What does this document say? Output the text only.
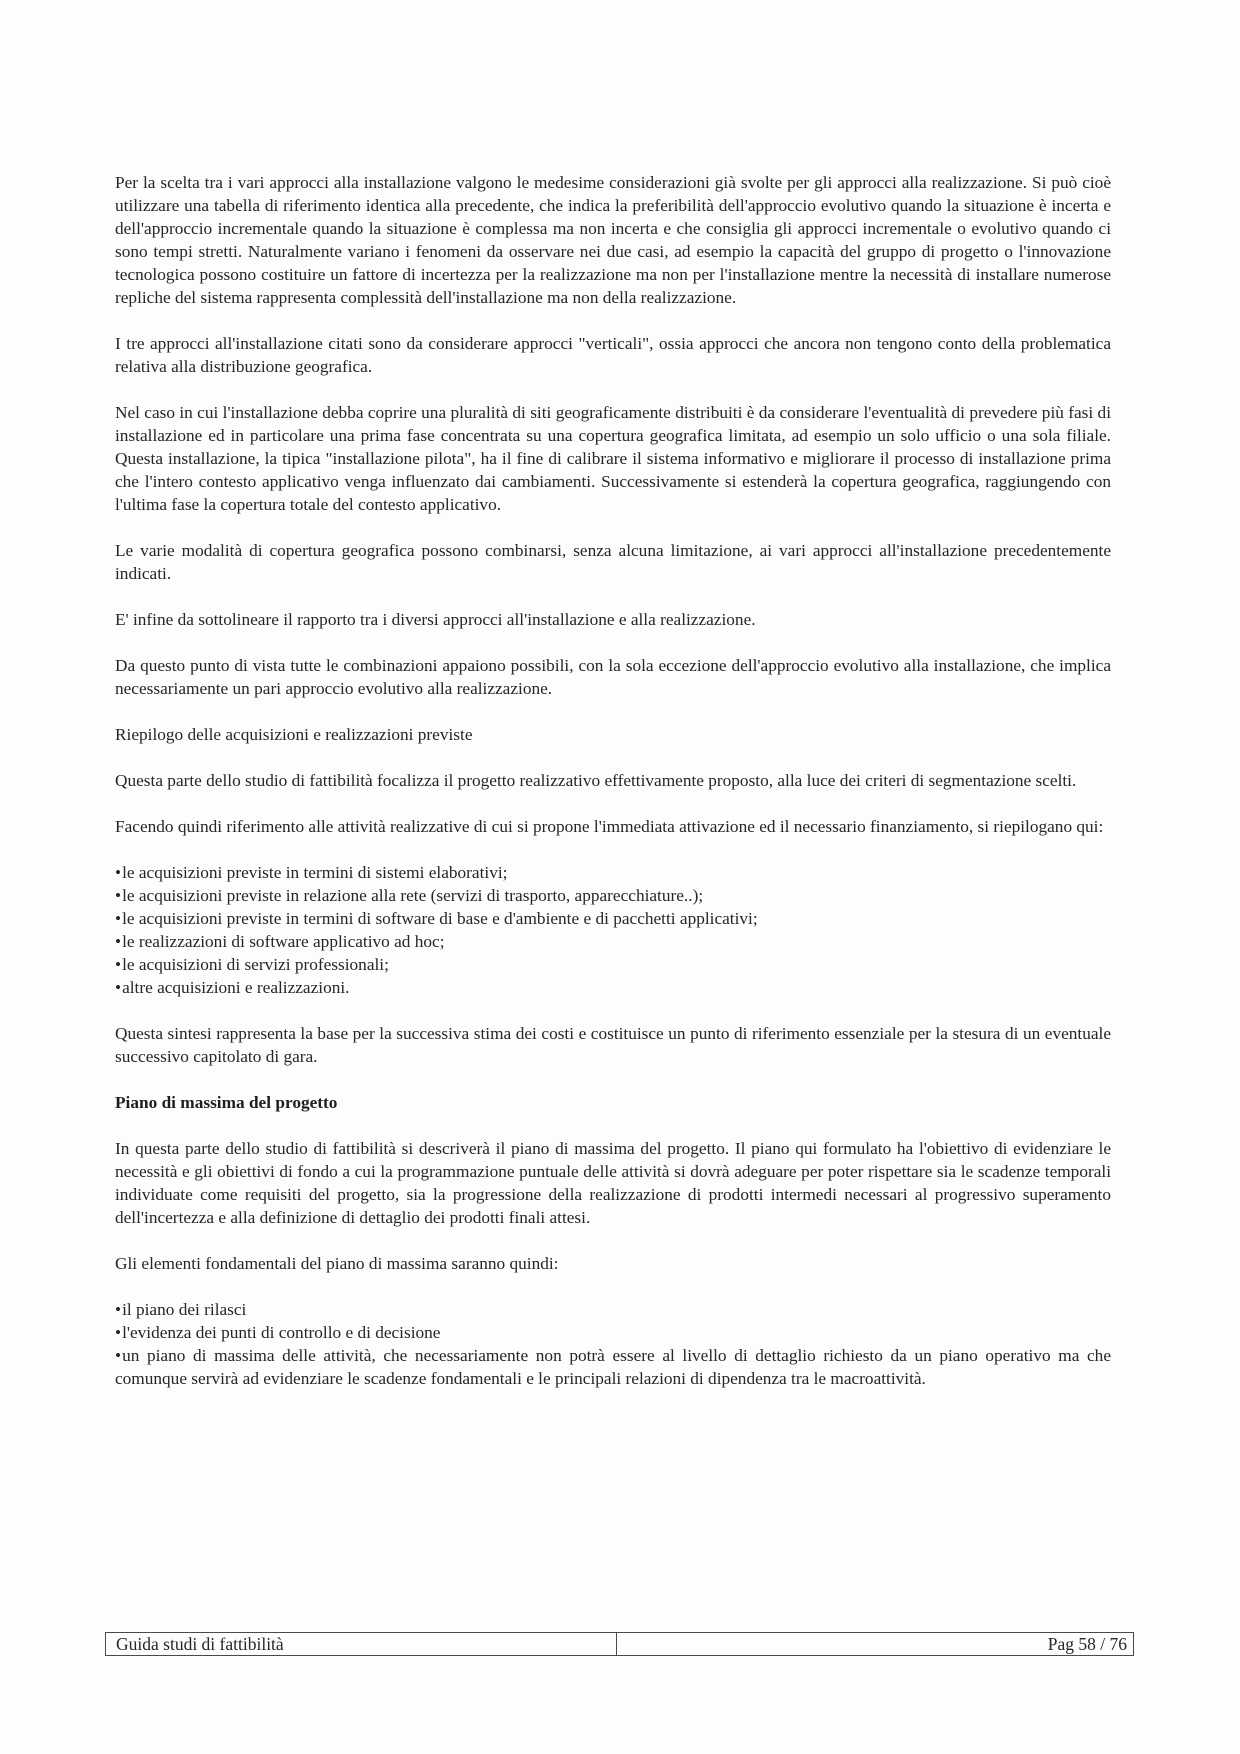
Per la scelta tra i vari approcci alla installazione valgono le medesime considerazioni già svolte per gli approcci alla realizzazione. Si può cioè utilizzare una tabella di riferimento identica alla precedente, che indica la preferibilità dell'approccio evolutivo quando la situazione è incerta e dell'approccio incrementale quando la situazione è complessa ma non incerta e che consiglia gli approcci incrementale o evolutivo quando ci sono tempi stretti. Naturalmente variano i fenomeni da osservare nei due casi, ad esempio la capacità del gruppo di progetto o l'innovazione tecnologica possono costituire un fattore di incertezza per la realizzazione ma non per l'installazione mentre la necessità di installare numerose repliche del sistema rappresenta complessità dell'installazione ma non della realizzazione.

I tre approcci all'installazione citati sono da considerare approcci "verticali", ossia approcci che ancora non tengono conto della problematica relativa alla distribuzione geografica.

Nel caso in cui l'installazione debba coprire una pluralità di siti geograficamente distribuiti è da considerare l'eventualità di prevedere più fasi di installazione ed in particolare una prima fase concentrata su una copertura geografica limitata, ad esempio un solo ufficio o una sola filiale. Questa installazione, la tipica "installazione pilota", ha il fine di calibrare il sistema informativo e migliorare il processo di installazione prima che l'intero contesto applicativo venga influenzato dai cambiamenti. Successivamente si estenderà la copertura geografica, raggiungendo con l'ultima fase la copertura totale del contesto applicativo.

Le varie modalità di copertura geografica possono combinarsi, senza alcuna limitazione, ai vari approcci all'installazione precedentemente indicati.

E' infine da sottolineare il rapporto tra i diversi approcci all'installazione e alla realizzazione.

Da questo punto di vista tutte le combinazioni appaiono possibili, con la sola eccezione dell'approccio evolutivo alla installazione, che implica necessariamente un pari approccio evolutivo alla realizzazione.

Riepilogo delle acquisizioni e realizzazioni previste

Questa parte dello studio di fattibilità focalizza il progetto realizzativo effettivamente proposto, alla luce dei criteri di segmentazione scelti.

Facendo quindi riferimento alle attività realizzative di cui si propone l'immediata attivazione ed il necessario finanziamento, si riepilogano qui:

• le acquisizioni previste in termini di sistemi elaborativi;
• le acquisizioni previste in relazione alla rete (servizi di trasporto, apparecchiature..);
• le acquisizioni previste in termini di software di base e d'ambiente e di pacchetti applicativi;
• le realizzazioni di software applicativo ad hoc;
• le acquisizioni di servizi professionali;
• altre acquisizioni e realizzazioni.

Questa sintesi rappresenta la base per la successiva stima dei costi e costituisce un punto di riferimento essenziale per la stesura di un eventuale successivo capitolato di gara.

Piano di massima del progetto

In questa parte dello studio di fattibilità si descriverà il piano di massima del progetto. Il piano qui formulato ha l'obiettivo di evidenziare le necessità e gli obiettivi di fondo a cui la programmazione puntuale delle attività si dovrà adeguare per poter rispettare sia le scadenze temporali individuate come requisiti del progetto, sia la progressione della realizzazione di prodotti intermedi necessari al progressivo superamento dell'incertezza e alla definizione di dettaglio dei prodotti finali attesi.

Gli elementi fondamentali del piano di massima saranno quindi:

• il piano dei rilasci
• l'evidenza dei punti di controllo e di decisione
• un piano di massima delle attività, che necessariamente non potrà essere al livello di dettaglio richiesto da un piano operativo ma che comunque servirà ad evidenziare le scadenze fondamentali e le principali relazioni di dipendenza tra le macroattività.
Guida studi di fattibilità	Pag 58 / 76
